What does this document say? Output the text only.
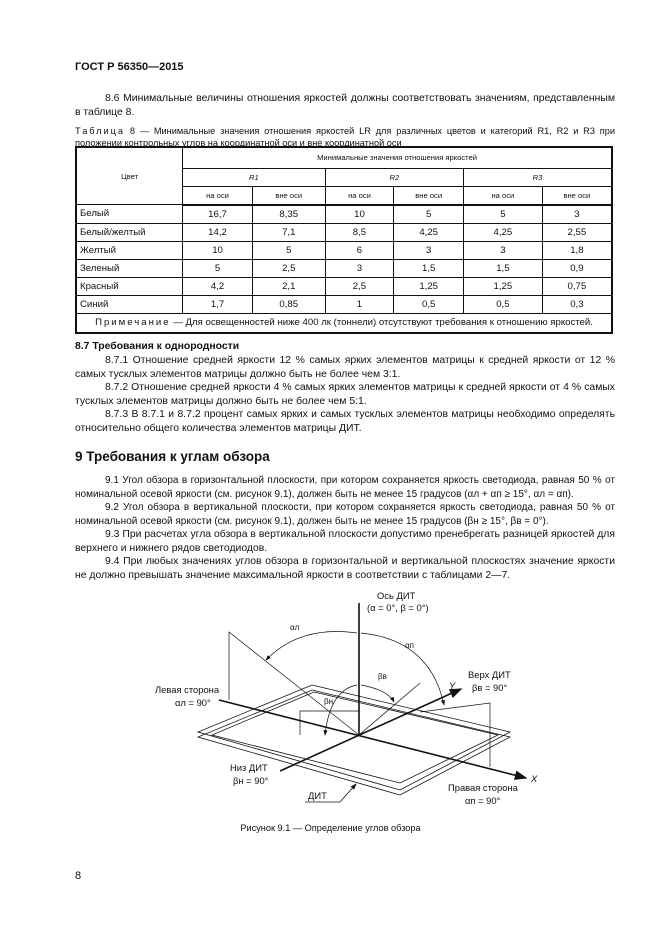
ГОСТ Р 56350—2015
8.6 Минимальные величины отношения яркостей должны соответствовать значениям, представленным в таблице 8.
Таблица 8 — Минимальные значения отношения яркостей LR для различных цветов и категорий R1, R2 и R3 при положении контрольных углов на координатной оси и вне координатной оси
Цвет	Минимальные значения отношения яркостей					
	R1		R2		R3	
	на оси	вне оси	на оси	вне оси	на оси	вне оси
Белый	16,7	8,35	10	5	5	3
Белый/желтый	14,2	7,1	8,5	4,25	4,25	2,55
Желтый	10	5	6	3	3	1,8
Зеленый	5	2,5	3	1,5	1,5	0,9
Красный	4,2	2,1	2,5	1,25	1,25	0,75
Синий	1,7	0,85	1	0,5	0,5	0,3
Примечание — Для освещенностей ниже 400 лк (тоннели) отсутствуют требования к отношению яркостей.						
8.7 Требования к однородности
8.7.1 Отношение средней яркости 12 % самых ярких элементов матрицы к средней яркости от 12 % самых тусклых элементов матрицы должно быть не более чем 3:1.
8.7.2 Отношение средней яркости 4 % самых ярких элементов матрицы к средней яркости от 4 % самых тусклых элементов матрицы должно быть не более чем 5:1.
8.7.3 В 8.7.1 и 8.7.2 процент самых ярких и самых тусклых элементов матрицы необходимо определять относительно общего количества элементов матрицы ДИТ.
9 Требования к углам обзора
9.1 Угол обзора в горизонтальной плоскости, при котором сохраняется яркость светодиода, равная 50 % от номинальной осевой яркости (см. рисунок 9.1), должен быть не менее 15 градусов (αл + αп ≥ 15°, αл = αп).
9.2 Угол обзора в вертикальной плоскости, при котором сохраняется яркость светодиода, равная 50 % от номинальной осевой яркости (см. рисунок 9.1), должен быть не менее 15 градусов (βн ≥ 15°, βв = 0°).
9.3 При расчетах угла обзора в вертикальной плоскости допустимо пренебрегать разницей яркостей для верхнего и нижнего рядов светодиодов.
9.4 При любых значениях углов обзора в горизонтальной и вертикальной плоскостях значение яркости не должно превышать значение максимальной яркости в соответствии с таблицами 2—7.
Ось ДИТ
(α = 0°, β = 0°)
αл
αп
βв
βн
Левая сторона
αл = 90°
Верх ДИТ
βв = 90°
Низ ДИТ
βн = 90°
ДИТ
Правая сторона
αп = 90°
Y
X
Рисунок 9.1 — Определение углов обзора
8
